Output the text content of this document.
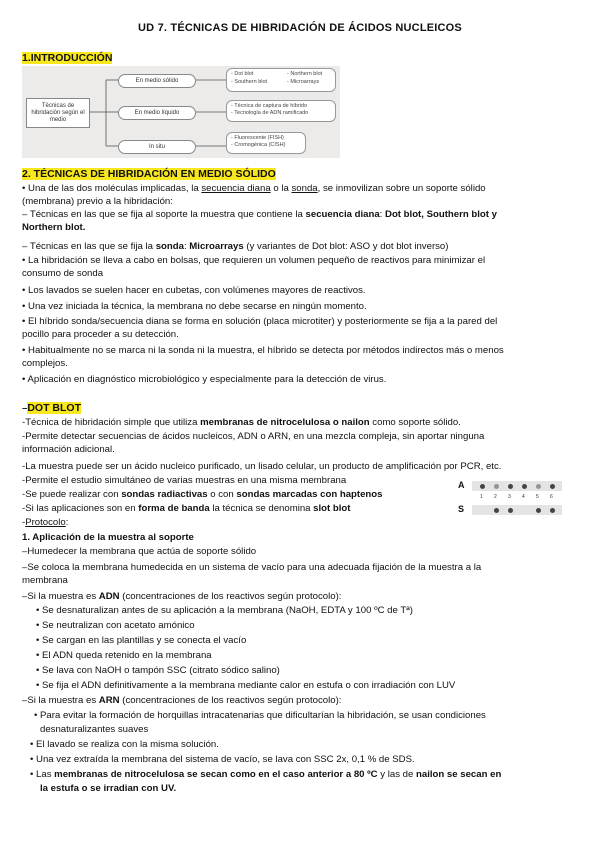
UD 7. TÉCNICAS DE HIBRIDACIÓN DE ÁCIDOS NUCLEICOS
1.INTRODUCCIÓN
Técnicas de hibridación según el medio
En medio sólido
En medio líquido
In situ
- Dot blot
- Southern blot
- Northern blot
- Microarrays
- Técnica de captura de híbrido
- Tecnología de ADN ramificado
- Fluorescente (FISH)
- Cromogénica (CISH)
2. TÉCNICAS DE HIBRIDACIÓN EN MEDIO SÓLIDO
• Una de las dos moléculas implicadas, la secuencia diana o la sonda, se inmovilizan sobre un soporte sólido
(membrana) previo a la hibridación:
– Técnicas en las que se fija al soporte la muestra que contiene la secuencia diana: Dot blot, Southern blot y
Northern blot.
– Técnicas en las que se fija la sonda: Microarrays (y variantes de Dot blot: ASO y dot blot inverso)
• La hibridación se lleva a cabo en bolsas, que requieren un volumen pequeño de reactivos para minimizar el
consumo de sonda
• Los lavados se suelen hacer en cubetas, con volúmenes mayores de reactivos.
• Una vez iniciada la técnica, la membrana no debe secarse en ningún momento.
• El híbrido sonda/secuencia diana se forma en solución (placa microtiter) y posteriormente se fija a la pared del
pocillo para proceder a su detección.
• Habitualmente no se marca ni la sonda ni la muestra, el híbrido se detecta por métodos indirectos más o menos
complejos.
• Aplicación en diagnóstico microbiológico y especialmente para la detección de virus.
–DOT BLOT
-Técnica de hibridación simple que utiliza membranas de nitrocelulosa o nailon como soporte sólido.
-Permite detectar secuencias de ácidos nucleicos, ADN o ARN, en una mezcla compleja, sin aportar ninguna
información adicional.
-La muestra puede ser un ácido nucleico purificado, un lisado celular, un producto de amplificación por PCR, etc.
-Permite el estudio simultáneo de varias muestras en una misma membrana
-Se puede realizar con sondas radiactivas o con sondas marcadas con haptenos
-Si las aplicaciones son en forma de banda la técnica se denomina slot blot
-Protocolo:
A
1 2 3 4 5 6
S
1. Aplicación de la muestra al soporte
–Humedecer la membrana que actúa de soporte sólido
–Se coloca la membrana humedecida en un sistema de vacío para una adecuada fijación de la muestra a la
membrana
–Si la muestra es ADN (concentraciones de los reactivos según protocolo):
• Se desnaturalizan antes de su aplicación a la membrana (NaOH, EDTA y 100 ºC de Tª)
• Se neutralizan con acetato amónico
• Se cargan en las plantillas y se conecta el vacío
• El ADN queda retenido en la membrana
• Se lava con NaOH o tampón SSC (citrato sódico salino)
• Se fija el ADN definitivamente a la membrana mediante calor en estufa o con irradiación con LUV
–Si la muestra es ARN (concentraciones de los reactivos según protocolo):
• Para evitar la formación de horquillas intracatenarias que dificultarían la hibridación, se usan condiciones
desnaturalizantes suaves
• El lavado se realiza con la misma solución.
• Una vez extraída la membrana del sistema de vacío, se lava con SSC 2x, 0,1 % de SDS.
• Las membranas de nitrocelulosa se secan como en el caso anterior a 80 ºC y las de nailon se secan en
la estufa o se irradian con UV.
